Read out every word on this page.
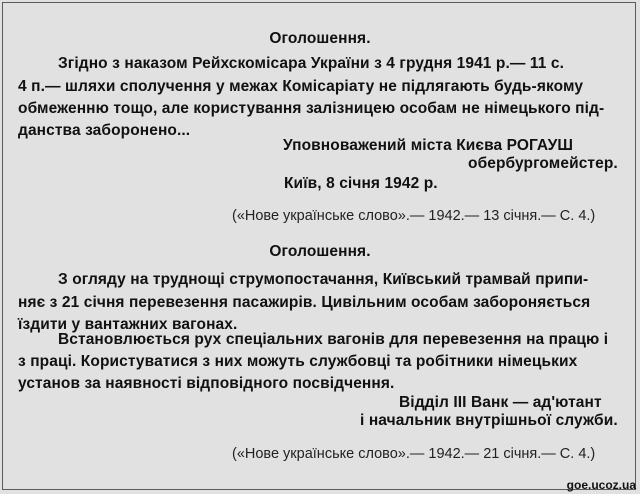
Оголошення.
Згідно з наказом Рейхскомісара України з 4 грудня 1941 р.— 11 с.
4 п.— шляхи сполучення у межах Комісаріату не підлягають будь-якому
обмеженню тощо, але користування залізницею особам не німецького під-
данства заборонено...
Уповноважений міста Києва РОГАУШ
обербургомейстер.
Київ, 8 січня 1942 р.
(«Нове українське слово».— 1942.— 13 січня.— С. 4.)
Оголошення.
З огляду на труднощі струмопостачання, Київський трамвай припи-
няє з 21 січня перевезення пасажирів. Цивільним особам забороняється
їздити у вантажних вагонах.
Встановлюється рух спеціальних вагонів для перевезення на працю і
з праці. Користуватися з них можуть службовці та робітники німецьких
установ за наявності відповідного посвідчення.
Відділ III Ванк — ад'ютант
і начальник внутрішньої служби.
(«Нове українське слово».— 1942.— 21 січня.— С. 4.)
goe.ucoz.ua
